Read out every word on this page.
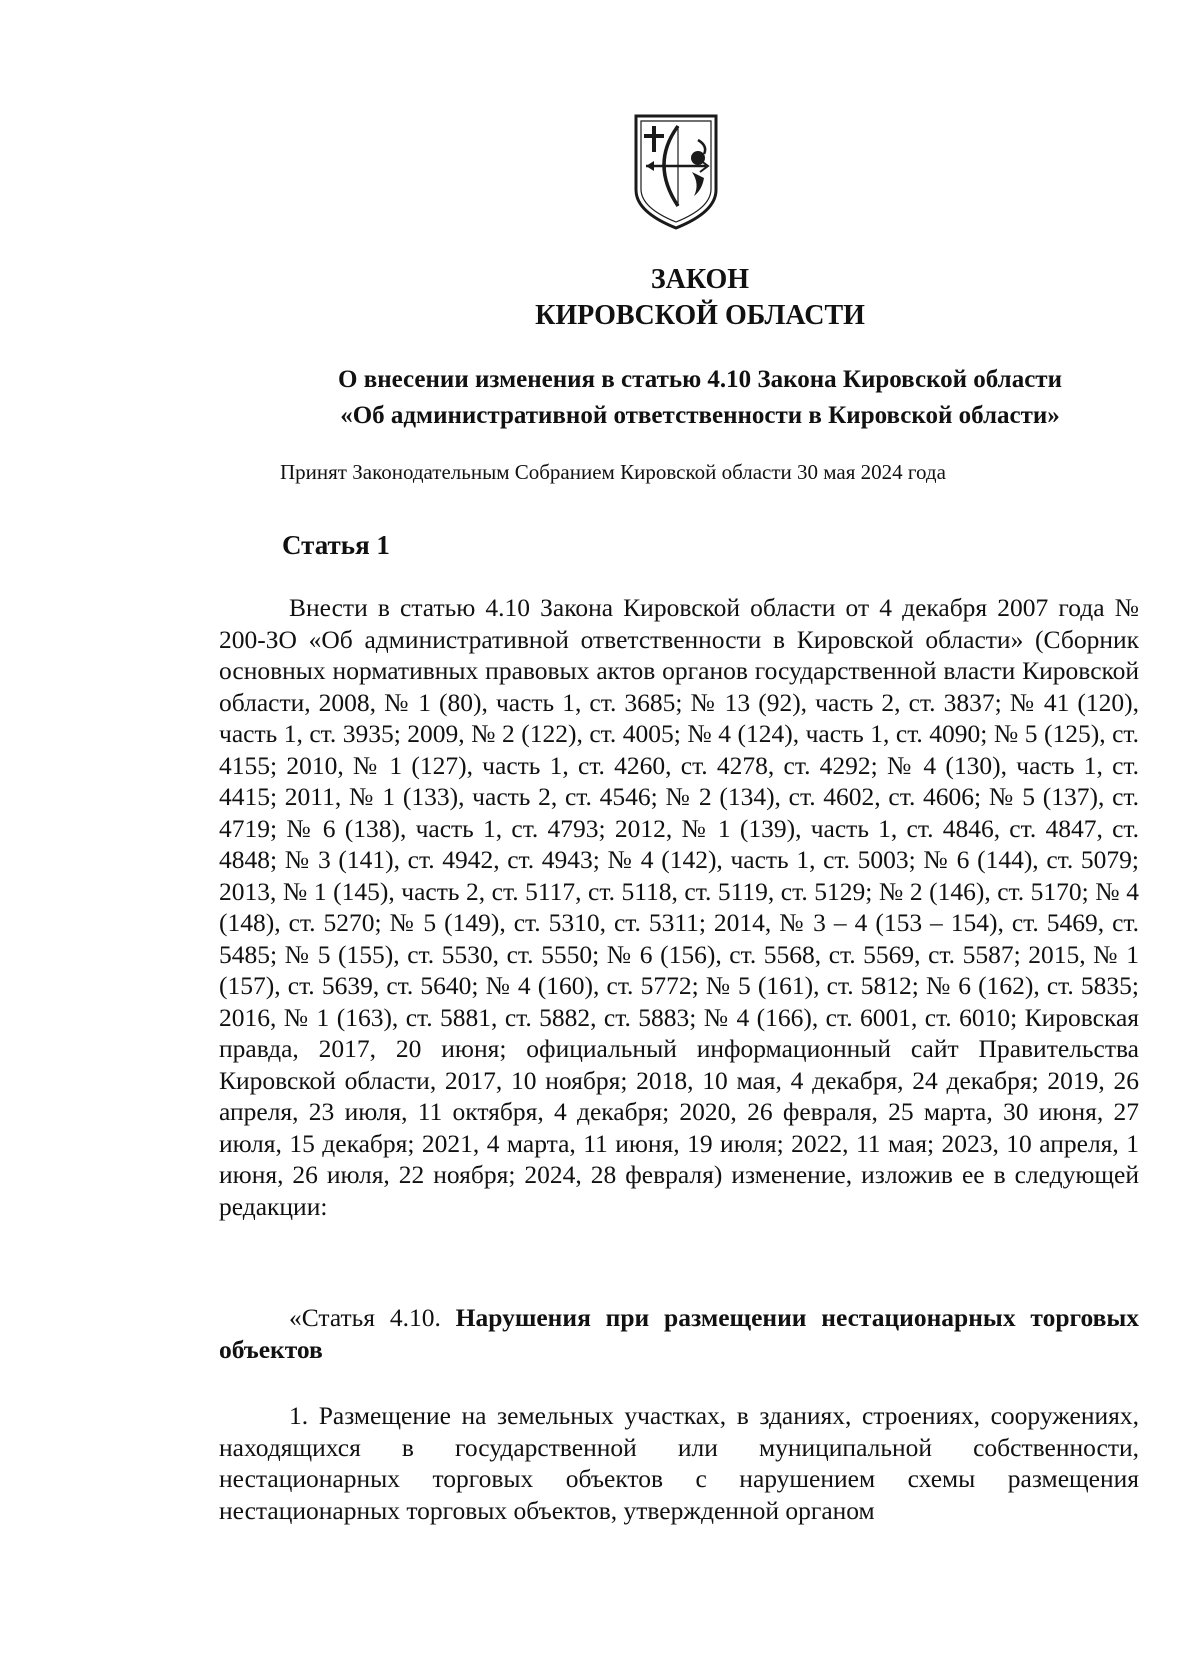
ЗАКОН
КИРОВСКОЙ ОБЛАСТИ
О внесении изменения в статью 4.10 Закона Кировской области
«Об административной ответственности в Кировской области»
Принят Законодательным Собранием Кировской области 30 мая 2024 года
Статья 1

Внести в статью 4.10 Закона Кировской области от 4 декабря 2007 года № 200-ЗО «Об административной ответственности в Кировской области» (Сборник основных нормативных правовых актов органов государственной власти Кировской области, 2008, № 1 (80), часть 1, ст. 3685; № 13 (92), часть 2, ст. 3837; № 41 (120), часть 1, ст. 3935; 2009, № 2 (122), ст. 4005; № 4 (124), часть 1, ст. 4090; № 5 (125), ст. 4155; 2010, № 1 (127), часть 1, ст. 4260, ст. 4278, ст. 4292; № 4 (130), часть 1, ст. 4415; 2011, № 1 (133), часть 2, ст. 4546; № 2 (134), ст. 4602, ст. 4606; № 5 (137), ст. 4719; № 6 (138), часть 1, ст. 4793; 2012, № 1 (139), часть 1, ст. 4846, ст. 4847, ст. 4848; № 3 (141), ст. 4942, ст. 4943; № 4 (142), часть 1, ст. 5003; № 6 (144), ст. 5079; 2013, № 1 (145), часть 2, ст. 5117, ст. 5118, ст. 5119, ст. 5129; № 2 (146), ст. 5170; № 4 (148), ст. 5270; № 5 (149), ст. 5310, ст. 5311; 2014, № 3 – 4 (153 – 154), ст. 5469, ст. 5485; № 5 (155), ст. 5530, ст. 5550; № 6 (156), ст. 5568, ст. 5569, ст. 5587; 2015, № 1 (157), ст. 5639, ст. 5640; № 4 (160), ст. 5772; № 5 (161), ст. 5812; № 6 (162), ст. 5835; 2016, № 1 (163), ст. 5881, ст. 5882, ст. 5883; № 4 (166), ст. 6001, ст. 6010; Кировская правда, 2017, 20 июня; официальный информационный сайт Правительства Кировской области, 2017, 10 ноября; 2018, 10 мая, 4 декабря, 24 декабря; 2019, 26 апреля, 23 июля, 11 октября, 4 декабря; 2020, 26 февраля, 25 марта, 30 июня, 27 июля, 15 декабря; 2021, 4 марта, 11 июня, 19 июля; 2022, 11 мая; 2023, 10 апреля, 1 июня, 26 июля, 22 ноября; 2024, 28 февраля) изменение, изложив ее в следующей редакции:

«Статья 4.10. Нарушения при размещении нестационарных торговых объектов

1. Размещение на земельных участках, в зданиях, строениях, сооружениях, находящихся в государственной или муниципальной собственности, нестационарных торговых объектов с нарушением схемы размещения нестационарных торговых объектов, утвержденной органом
